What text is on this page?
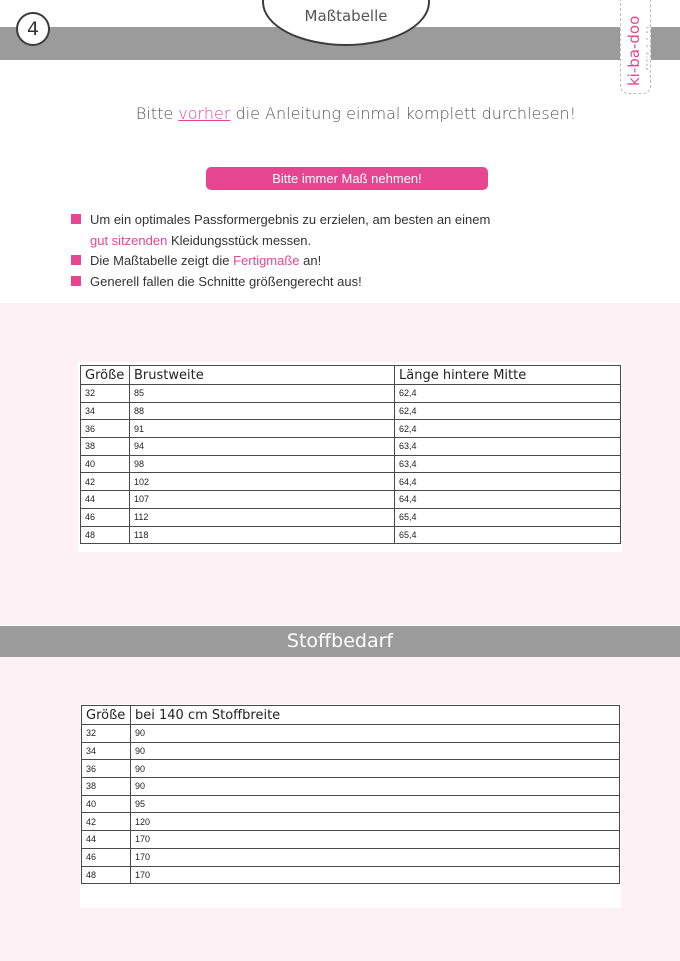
4
Maßtabelle	ki-ba-doo desig n s by
Bitte vorher die Anleitung einmal komplett durchlesen!
Bitte immer Maß nehmen!
Um ein optimales Passformergebnis zu erzielen, am besten an einem
gut sitzenden Kleidungsstück messen.
Die Maßtabelle zeigt die Fertigmaße an!
Generell fallen die Schnitte größengerecht aus!
Größe	Brustweite	Länge hintere Mitte
32	85	62,4
34	88	62,4
36	91	62,4
38	94	63,4
40	98	63,4
42	102	64,4
44	107	64,4
46	112	65,4
48	118	65,4
Stoffbedarf
Größe	bei 140 cm Stoffbreite
32	90
34	90
36	90
38	90
40	95
42	120
44	170
46	170
48	170
